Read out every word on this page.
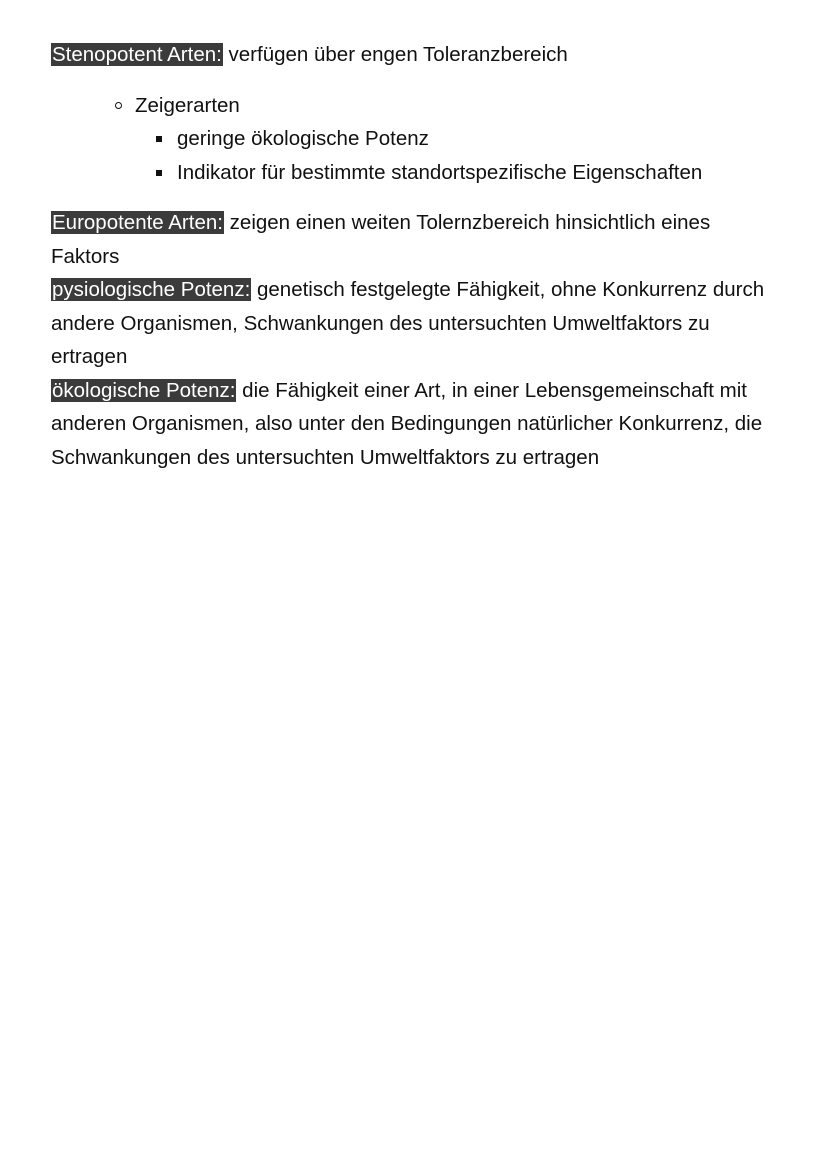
Stenopotent Arten: verfügen über engen Toleranzbereich

Zeigerarten
geringe ökologische Potenz
Indikator für bestimmte standortspezifische Eigenschaften

Europotente Arten: zeigen einen weiten Tolernzbereich hinsichtlich eines Faktors

pysiologische Potenz: genetisch festgelegte Fähigkeit, ohne Konkurrenz durch andere Organismen, Schwankungen des untersuchten Umweltfaktors zu ertragen

ökologische Potenz: die Fähigkeit einer Art, in einer Lebensgemeinschaft mit anderen Organismen, also unter den Bedingungen natürlicher Konkurrenz, die Schwankungen des untersuchten Umweltfaktors zu ertragen
